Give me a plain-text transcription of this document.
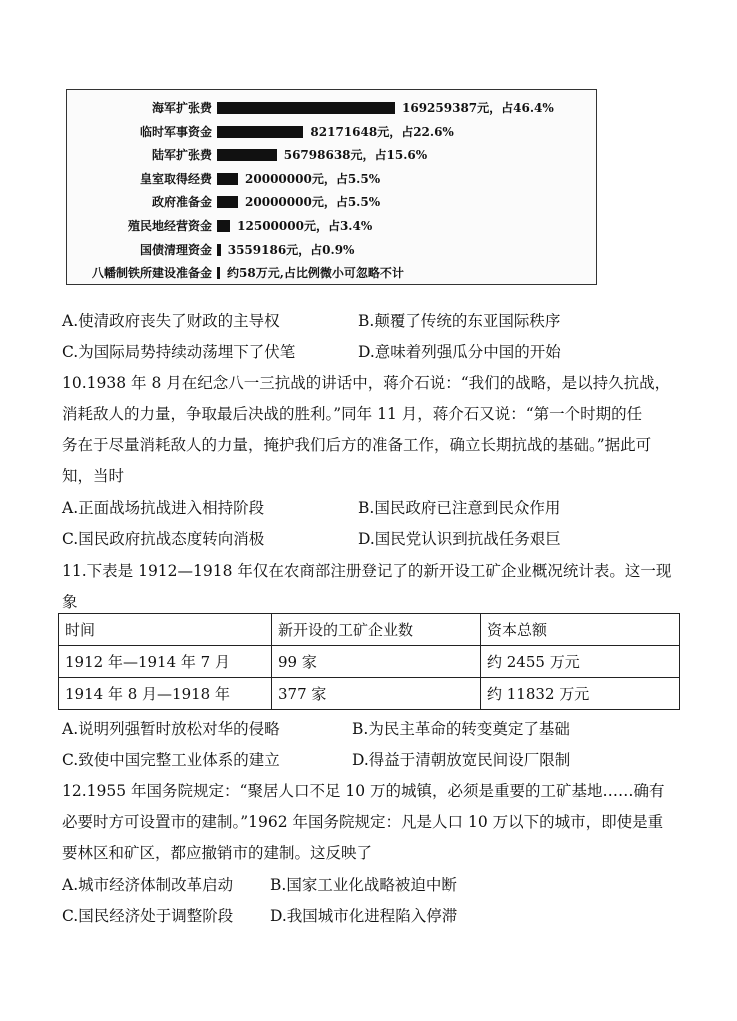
海军扩张费	169259387元，占46.4%
临时军事资金	82171648元，占22.6%
陆军扩张费	56798638元，占15.6%
皇室取得经费	20000000元，占5.5%
政府准备金	20000000元，占5.5%
殖民地经营资金 12500000元，占3.4%
国债清理资金 3559186元，占0.9%
八幡制铁所建设准备金 约58万元,占比例微小可忽略不计
A.使清政府丧失了财政的主导权	B.颠覆了传统的东亚国际秩序
C.为国际局势持续动荡埋下了伏笔	D.意味着列强瓜分中国的开始
10.1938 年 8 月在纪念八一三抗战的讲话中，蒋介石说：“我们的战略，是以持久抗战，
消耗敌人的力量，争取最后决战的胜利。”同年 11 月，蒋介石又说：“第一个时期的任
务在于尽量消耗敌人的力量，掩护我们后方的准备工作，确立长期抗战的基础。”据此可
知，当时
A.正面战场抗战进入相持阶段	B.国民政府已注意到民众作用
C.国民政府抗战态度转向消极	D.国民党认识到抗战任务艰巨
11.下表是 1912—1918 年仅在农商部注册登记了的新开设工矿企业概况统计表。这一现
象
时间	新开设的工矿企业数	资本总额
1912 年—1914 年 7 月	99 家	约 2455 万元
1914 年 8 月—1918 年	377 家	约 11832 万元
A.说明列强暂时放松对华的侵略	B.为民主革命的转变奠定了基础
C.致使中国完整工业体系的建立	D.得益于清朝放宽民间设厂限制
12.1955 年国务院规定：“聚居人口不足 10 万的城镇，必须是重要的工矿基地……确有
必要时方可设置市的建制。”1962 年国务院规定：凡是人口 10 万以下的城市，即使是重
要林区和矿区，都应撤销市的建制。这反映了
A.城市经济体制改革启动 B.国家工业化战略被迫中断
C.国民经济处于调整阶段 D.我国城市化进程陷入停滞
